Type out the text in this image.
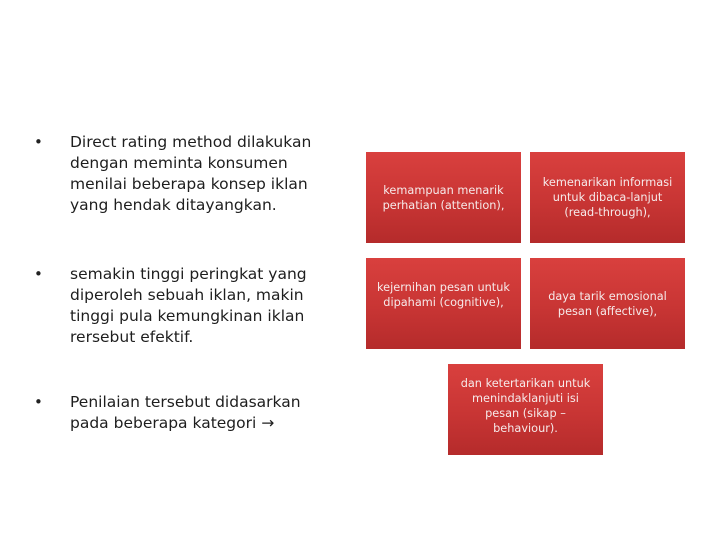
•	Direct rating method dilakukan dengan meminta konsumen menilai beberapa konsep iklan yang hendak ditayangkan.
•	semakin tinggi peringkat yang diperoleh sebuah iklan, makin tinggi pula kemungkinan iklan rersebut efektif.
•	Penilaian tersebut didasarkan pada beberapa kategori →
kemampuan menarik perhatian (attention),
kemenarikan informasi untuk dibaca-lanjut (read-through),
kejernihan pesan untuk dipahami (cognitive),	daya tarik emosional pesan (affective),
dan ketertarikan untuk menindaklanjuti isi pesan (sikap – behaviour).
